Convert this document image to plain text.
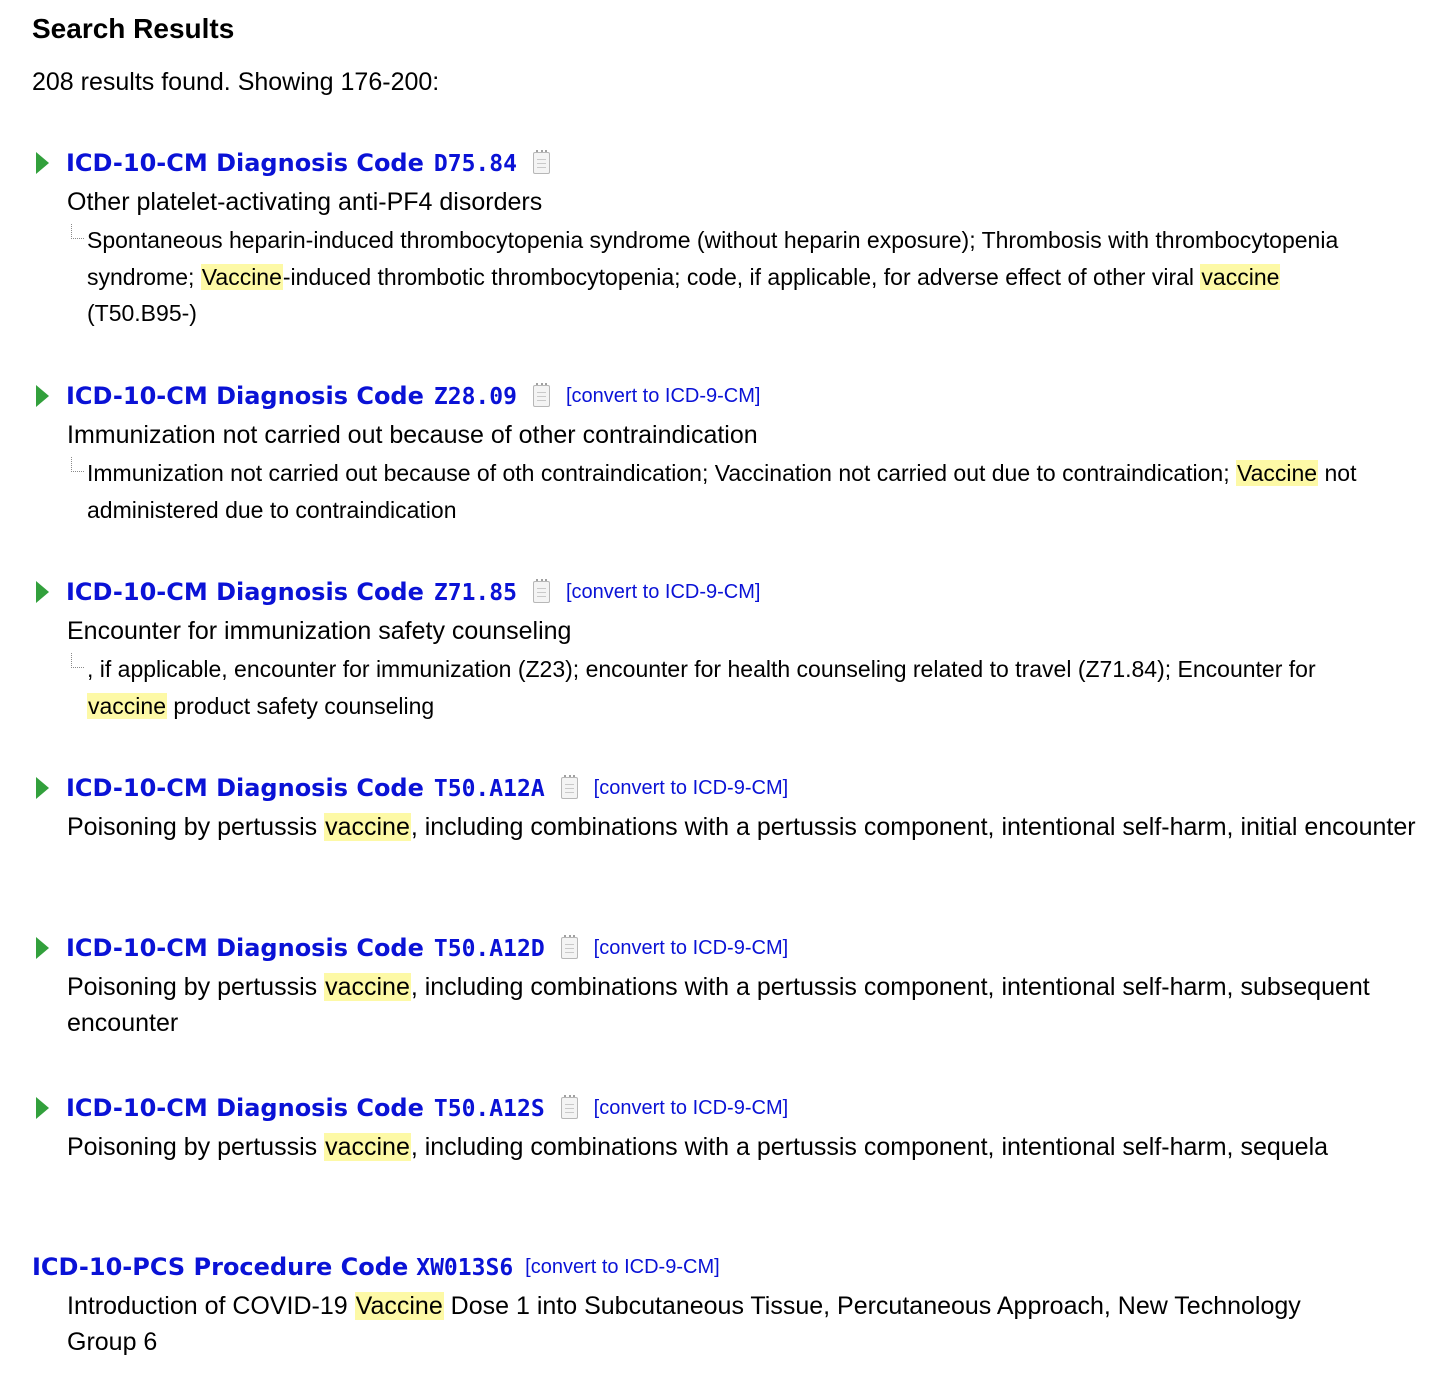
Search Results
208 results found. Showing 176-200:
ICD-10-CM Diagnosis Code D75.84
Other platelet-activating anti-PF4 disorders
Spontaneous heparin-induced thrombocytopenia syndrome (without heparin exposure); Thrombosis with thrombocytopenia syndrome; Vaccine-induced thrombotic thrombocytopenia; code, if applicable, for adverse effect of other viral vaccine (T50.B95-)
ICD-10-CM Diagnosis Code Z28.09 [convert to ICD-9-CM]
Immunization not carried out because of other contraindication
Immunization not carried out because of oth contraindication; Vaccination not carried out due to contraindication; Vaccine not administered due to contraindication
ICD-10-CM Diagnosis Code Z71.85 [convert to ICD-9-CM]
Encounter for immunization safety counseling
, if applicable, encounter for immunization (Z23); encounter for health counseling related to travel (Z71.84); Encounter for vaccine product safety counseling
ICD-10-CM Diagnosis Code T50.A12A [convert to ICD-9-CM]
Poisoning by pertussis vaccine, including combinations with a pertussis component, intentional self-harm, initial encounter
ICD-10-CM Diagnosis Code T50.A12D [convert to ICD-9-CM]
Poisoning by pertussis vaccine, including combinations with a pertussis component, intentional self-harm, subsequent encounter
ICD-10-CM Diagnosis Code T50.A12S [convert to ICD-9-CM]
Poisoning by pertussis vaccine, including combinations with a pertussis component, intentional self-harm, sequela
ICD-10-PCS Procedure Code XW013S6 [convert to ICD-9-CM]
Introduction of COVID-19 Vaccine Dose 1 into Subcutaneous Tissue, Percutaneous Approach, New Technology Group 6
